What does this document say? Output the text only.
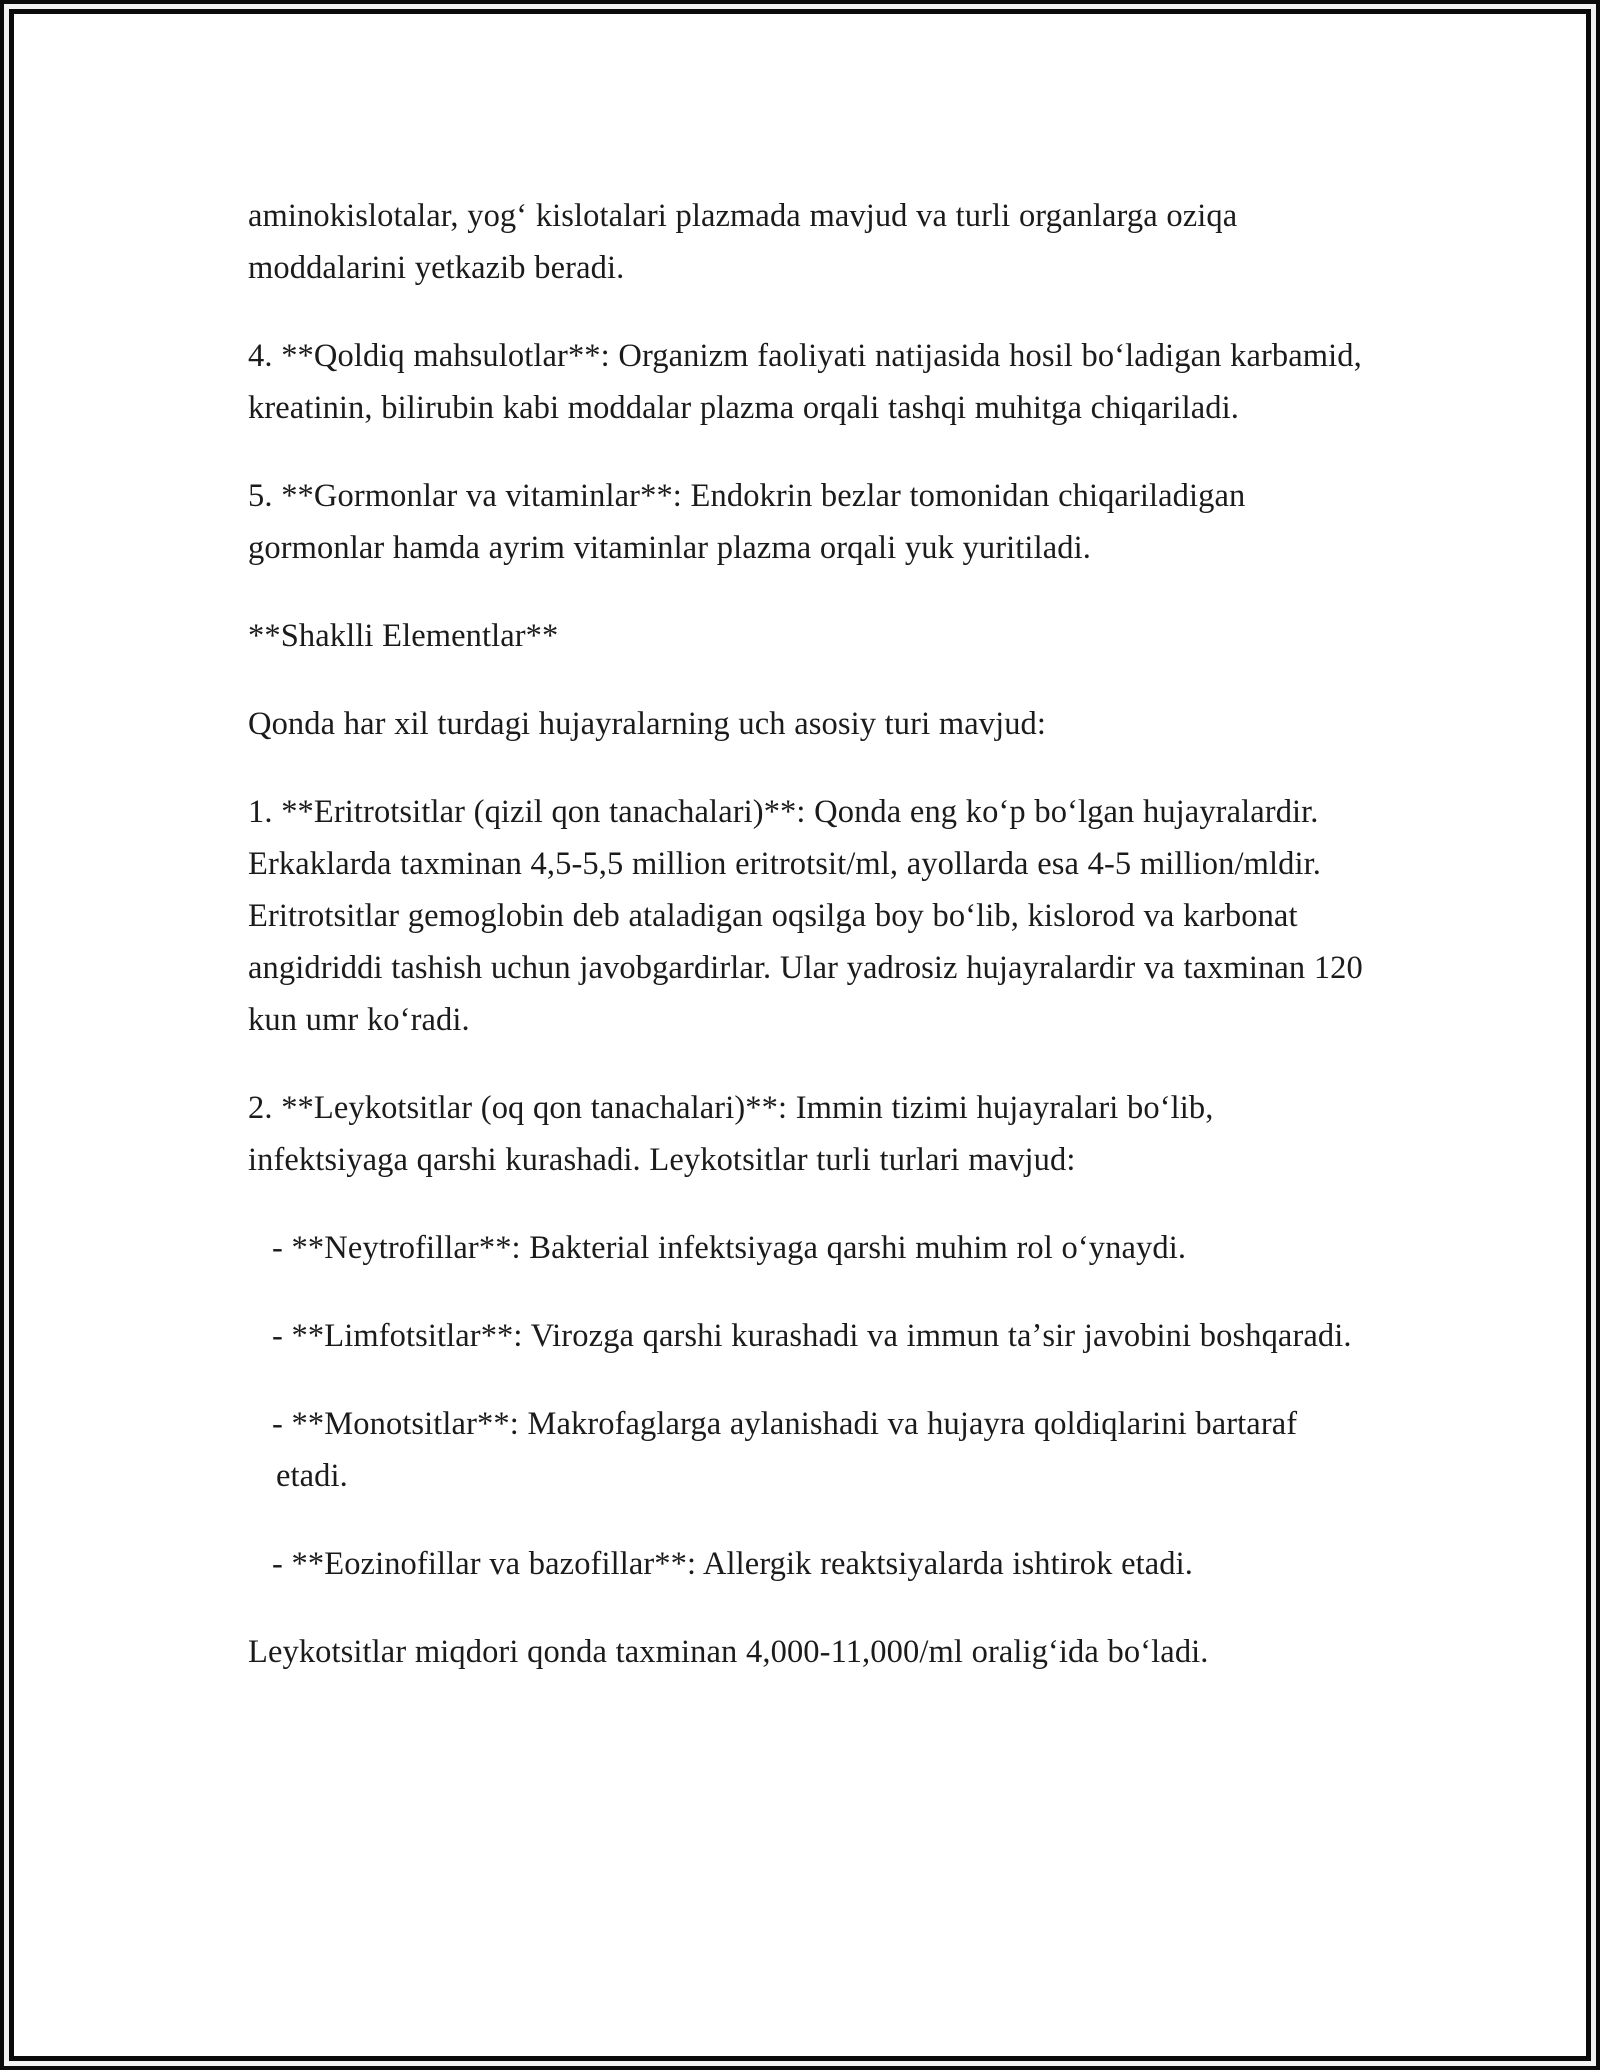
aminokislotalar, yogʻ kislotalari plazmada mavjud va turli organlarga oziqa moddalarini yetkazib beradi.

4. **Qoldiq mahsulotlar**: Organizm faoliyati natijasida hosil boʻladigan karbamid, kreatinin, bilirubin kabi moddalar plazma orqali tashqi muhitga chiqariladi.

5. **Gormonlar va vitaminlar**: Endokrin bezlar tomonidan chiqariladigan gormonlar hamda ayrim vitaminlar plazma orqali yuk yuritiladi.

**Shaklli Elementlar**

Qonda har xil turdagi hujayralarning uch asosiy turi mavjud:

1. **Eritrotsitlar (qizil qon tanachalari)**: Qonda eng koʻp boʻlgan hujayralardir. Erkaklarda taxminan 4,5-5,5 million eritrotsit/ml, ayollarda esa 4-5 million/mldir. Eritrotsitlar gemoglobin deb ataladigan oqsilga boy boʻlib, kislorod va karbonat angidriddi tashish uchun javobgardirlar. Ular yadrosiz hujayralardir va taxminan 120 kun umr koʻradi.

2. **Leykotsitlar (oq qon tanachalari)**: Immin tizimi hujayralari boʻlib, infektsiyaga qarshi kurashadi. Leykotsitlar turli turlari mavjud:

- **Neytrofillar**: Bakterial infektsiyaga qarshi muhim rol oʻynaydi.

- **Limfotsitlar**: Virozga qarshi kurashadi va immun taʼsir javobini boshqaradi.

- **Monotsitlar**: Makrofaglarga aylanishadi va hujayra qoldiqlarini bartaraf etadi.

- **Eozinofillar va bazofillar**: Allergik reaktsiyalarda ishtirok etadi.

Leykotsitlar miqdori qonda taxminan 4,000-11,000/ml oraligʻida boʻladi.
